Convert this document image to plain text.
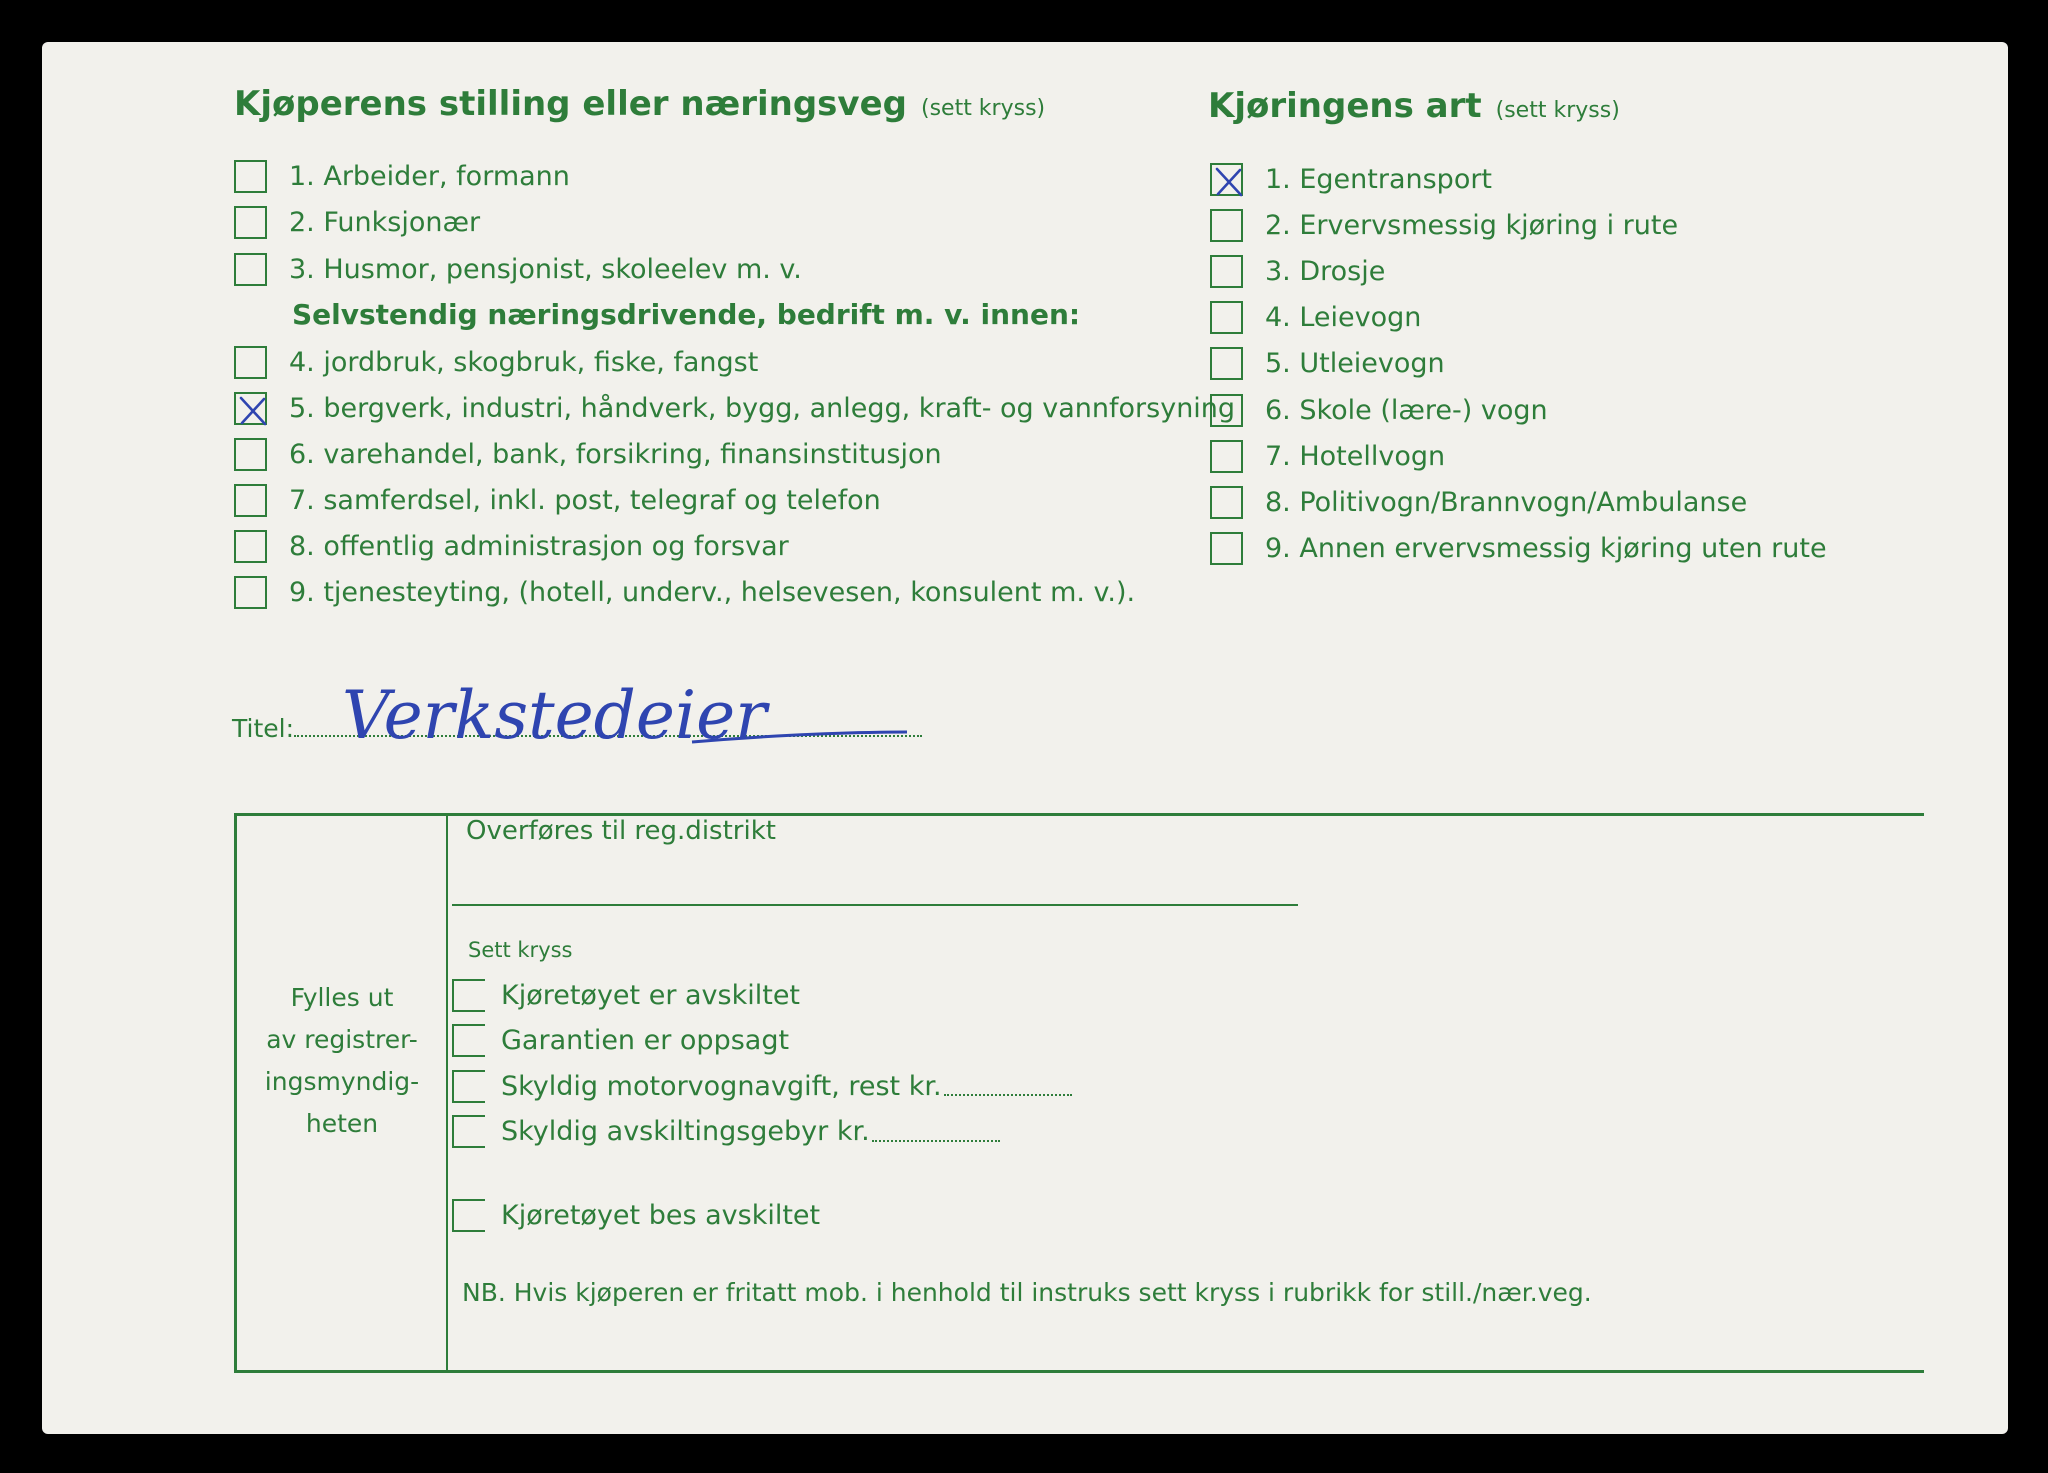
Kjøperens stilling eller næringsveg (sett kryss)	Kjøringens art (sett kryss)
1. Arbeider, formann
2. Funksjonær
3. Husmor, pensjonist, skoleelev m. v.
Selvstendig næringsdrivende, bedrift m. v. innen:
4. jordbruk, skogbruk, fiske, fangst
5. bergverk, industri, håndverk, bygg, anlegg, kraft- og vannforsyning
6. varehandel, bank, forsikring, finansinstitusjon
7. samferdsel, inkl. post, telegraf og telefon
8. offentlig administrasjon og forsvar
9. tjenesteyting, (hotell, underv., helsevesen, konsulent m. v.).
1. Egentransport
2. Ervervsmessig kjøring i rute
3. Drosje
4. Leievogn
5. Utleievogn
6. Skole (lære-) vogn
7. Hotellvogn
8. Politivogn/Brannvogn/Ambulanse
9. Annen ervervsmessig kjøring uten rute
Titel: Verkstedeier
Fylles ut
av registrer-
ingsmyndig-
heten
Overføres til reg.distrikt
Sett kryss
Kjøretøyet er avskiltet
Garantien er oppsagt
Skyldig motorvognavgift, rest kr.
Skyldig avskiltingsgebyr kr.
Kjøretøyet bes avskiltet
NB. Hvis kjøperen er fritatt mob. i henhold til instruks sett kryss i rubrikk for still./nær.veg.
